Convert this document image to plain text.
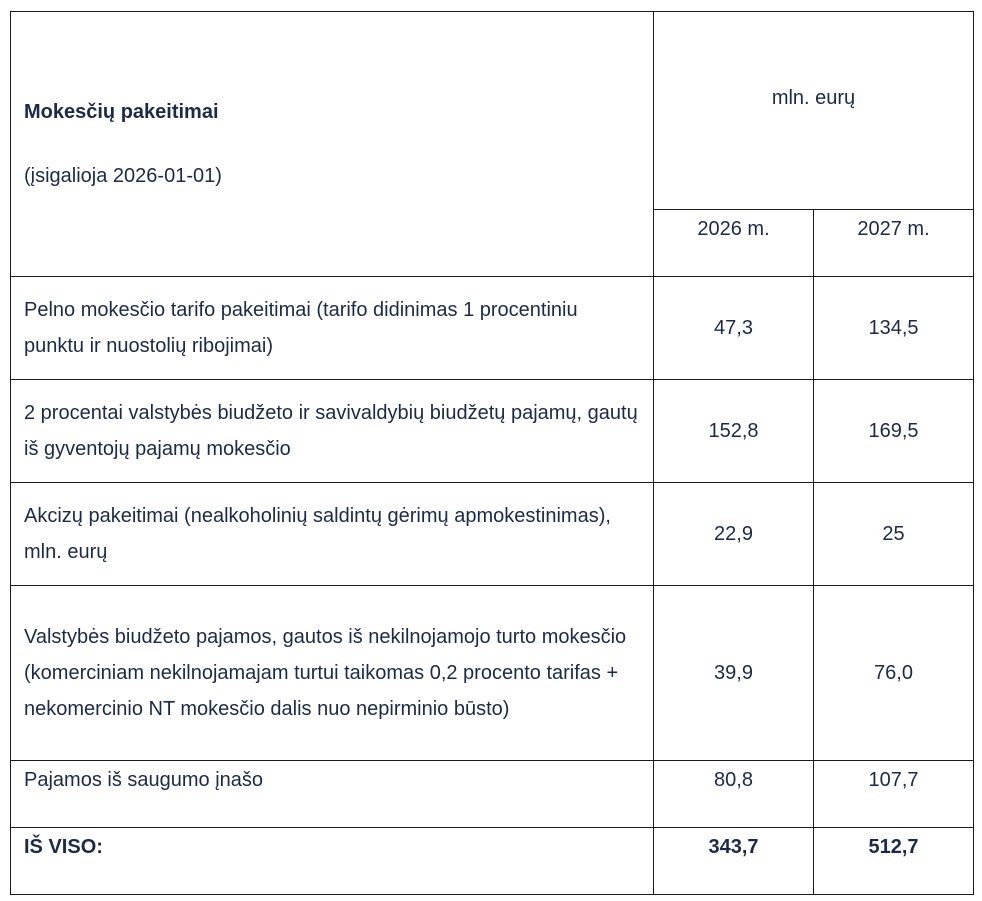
Mokesčių pakeitimai
(įsigalioja 2026-01-01)	mln. eurų	

	2026 m.	2027 m.

Pelno mokesčio tarifo pakeitimai (tarifo didinimas 1 procentiniu punktu ir nuostolių ribojimai)	47,3	134,5
2 procentai valstybės biudžeto ir savivaldybių biudžetų pajamų, gautų iš gyventojų pajamų mokesčio	152,8	169,5
Akcizų pakeitimai (nealkoholinių saldintų gėrimų apmokestinimas), mln. eurų	22,9	25
Valstybės biudžeto pajamos, gautos iš nekilnojamojo turto mokesčio (komerciniam nekilnojamajam turtui taikomas 0,2 procento tarifas + nekomercinio NT mokesčio dalis nuo nepirminio būsto)	39,9	76,0

Pajamos iš saugumo įnašo	80,8	107,7

IŠ VISO:	343,7	512,7
